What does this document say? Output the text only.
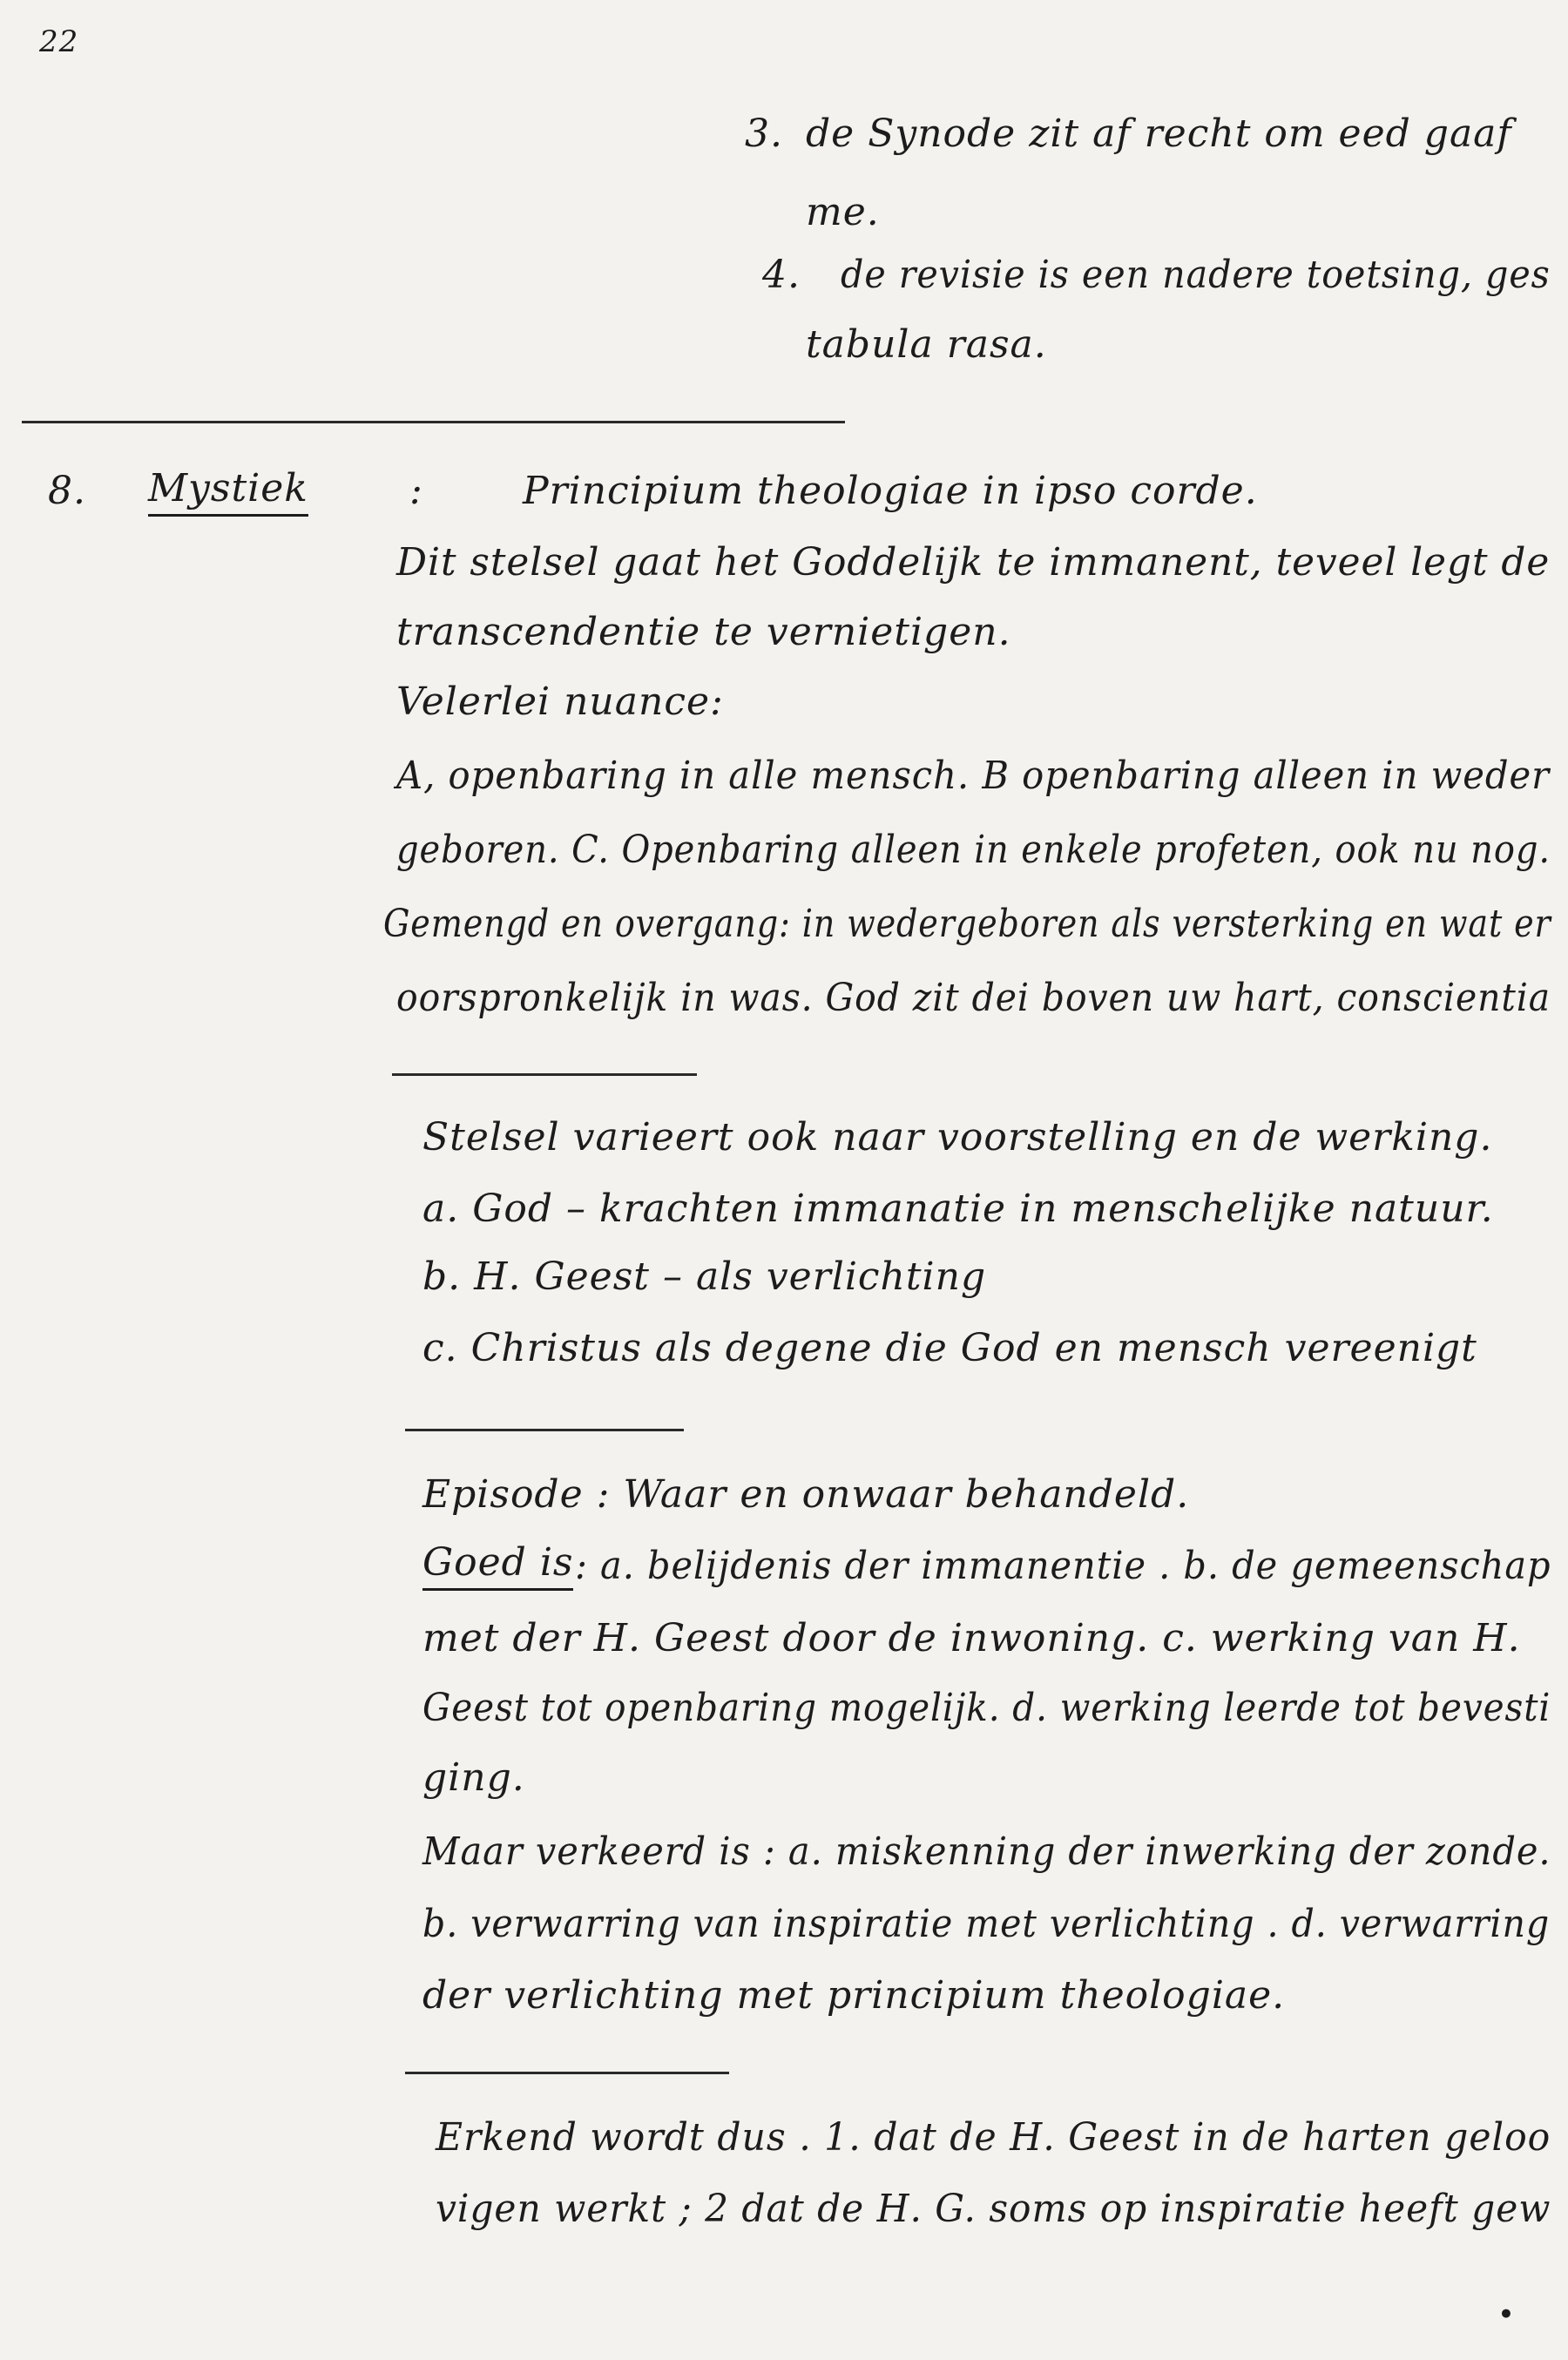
22
3. de Synode zit af recht om eed gaaf
me.
4. de revisie is een nadere toetsing, ges
tabula rasa.
8. Mystiek	:	Principium theologiae in ipso corde.
Dit stelsel gaat het Goddelijk te immanent, teveel legt de
transcendentie te vernietigen.
Velerlei nuance:
A, openbaring in alle mensch. B openbaring alleen in weder
geboren. C. Openbaring alleen in enkele profeten, ook nu nog.
Gemengd en overgang: in wedergeboren als versterking en wat er
oorspronkelijk in was. God zit dei boven uw hart, conscientia
Stelsel varieert ook naar voorstelling en de werking.
a. God – krachten immanatie in menschelijke natuur.
b. H. Geest – als verlichting
c. Christus als degene die God en mensch vereenigt
Episode : Waar en onwaar behandeld.
Goed is : a. belijdenis der immanentie . b. de gemeenschap
met der H. Geest door de inwoning. c. werking van H.
Geest tot openbaring mogelijk. d. werking leerde tot bevesti
ging.
Maar verkeerd is : a. miskenning der inwerking der zonde.
b. verwarring van inspiratie met verlichting . d. verwarring
der verlichting met principium theologiae.
Erkend wordt dus . 1. dat de H. Geest in de harten geloo
vigen werkt ; 2 dat de H. G. soms op inspiratie heeft gew
•
